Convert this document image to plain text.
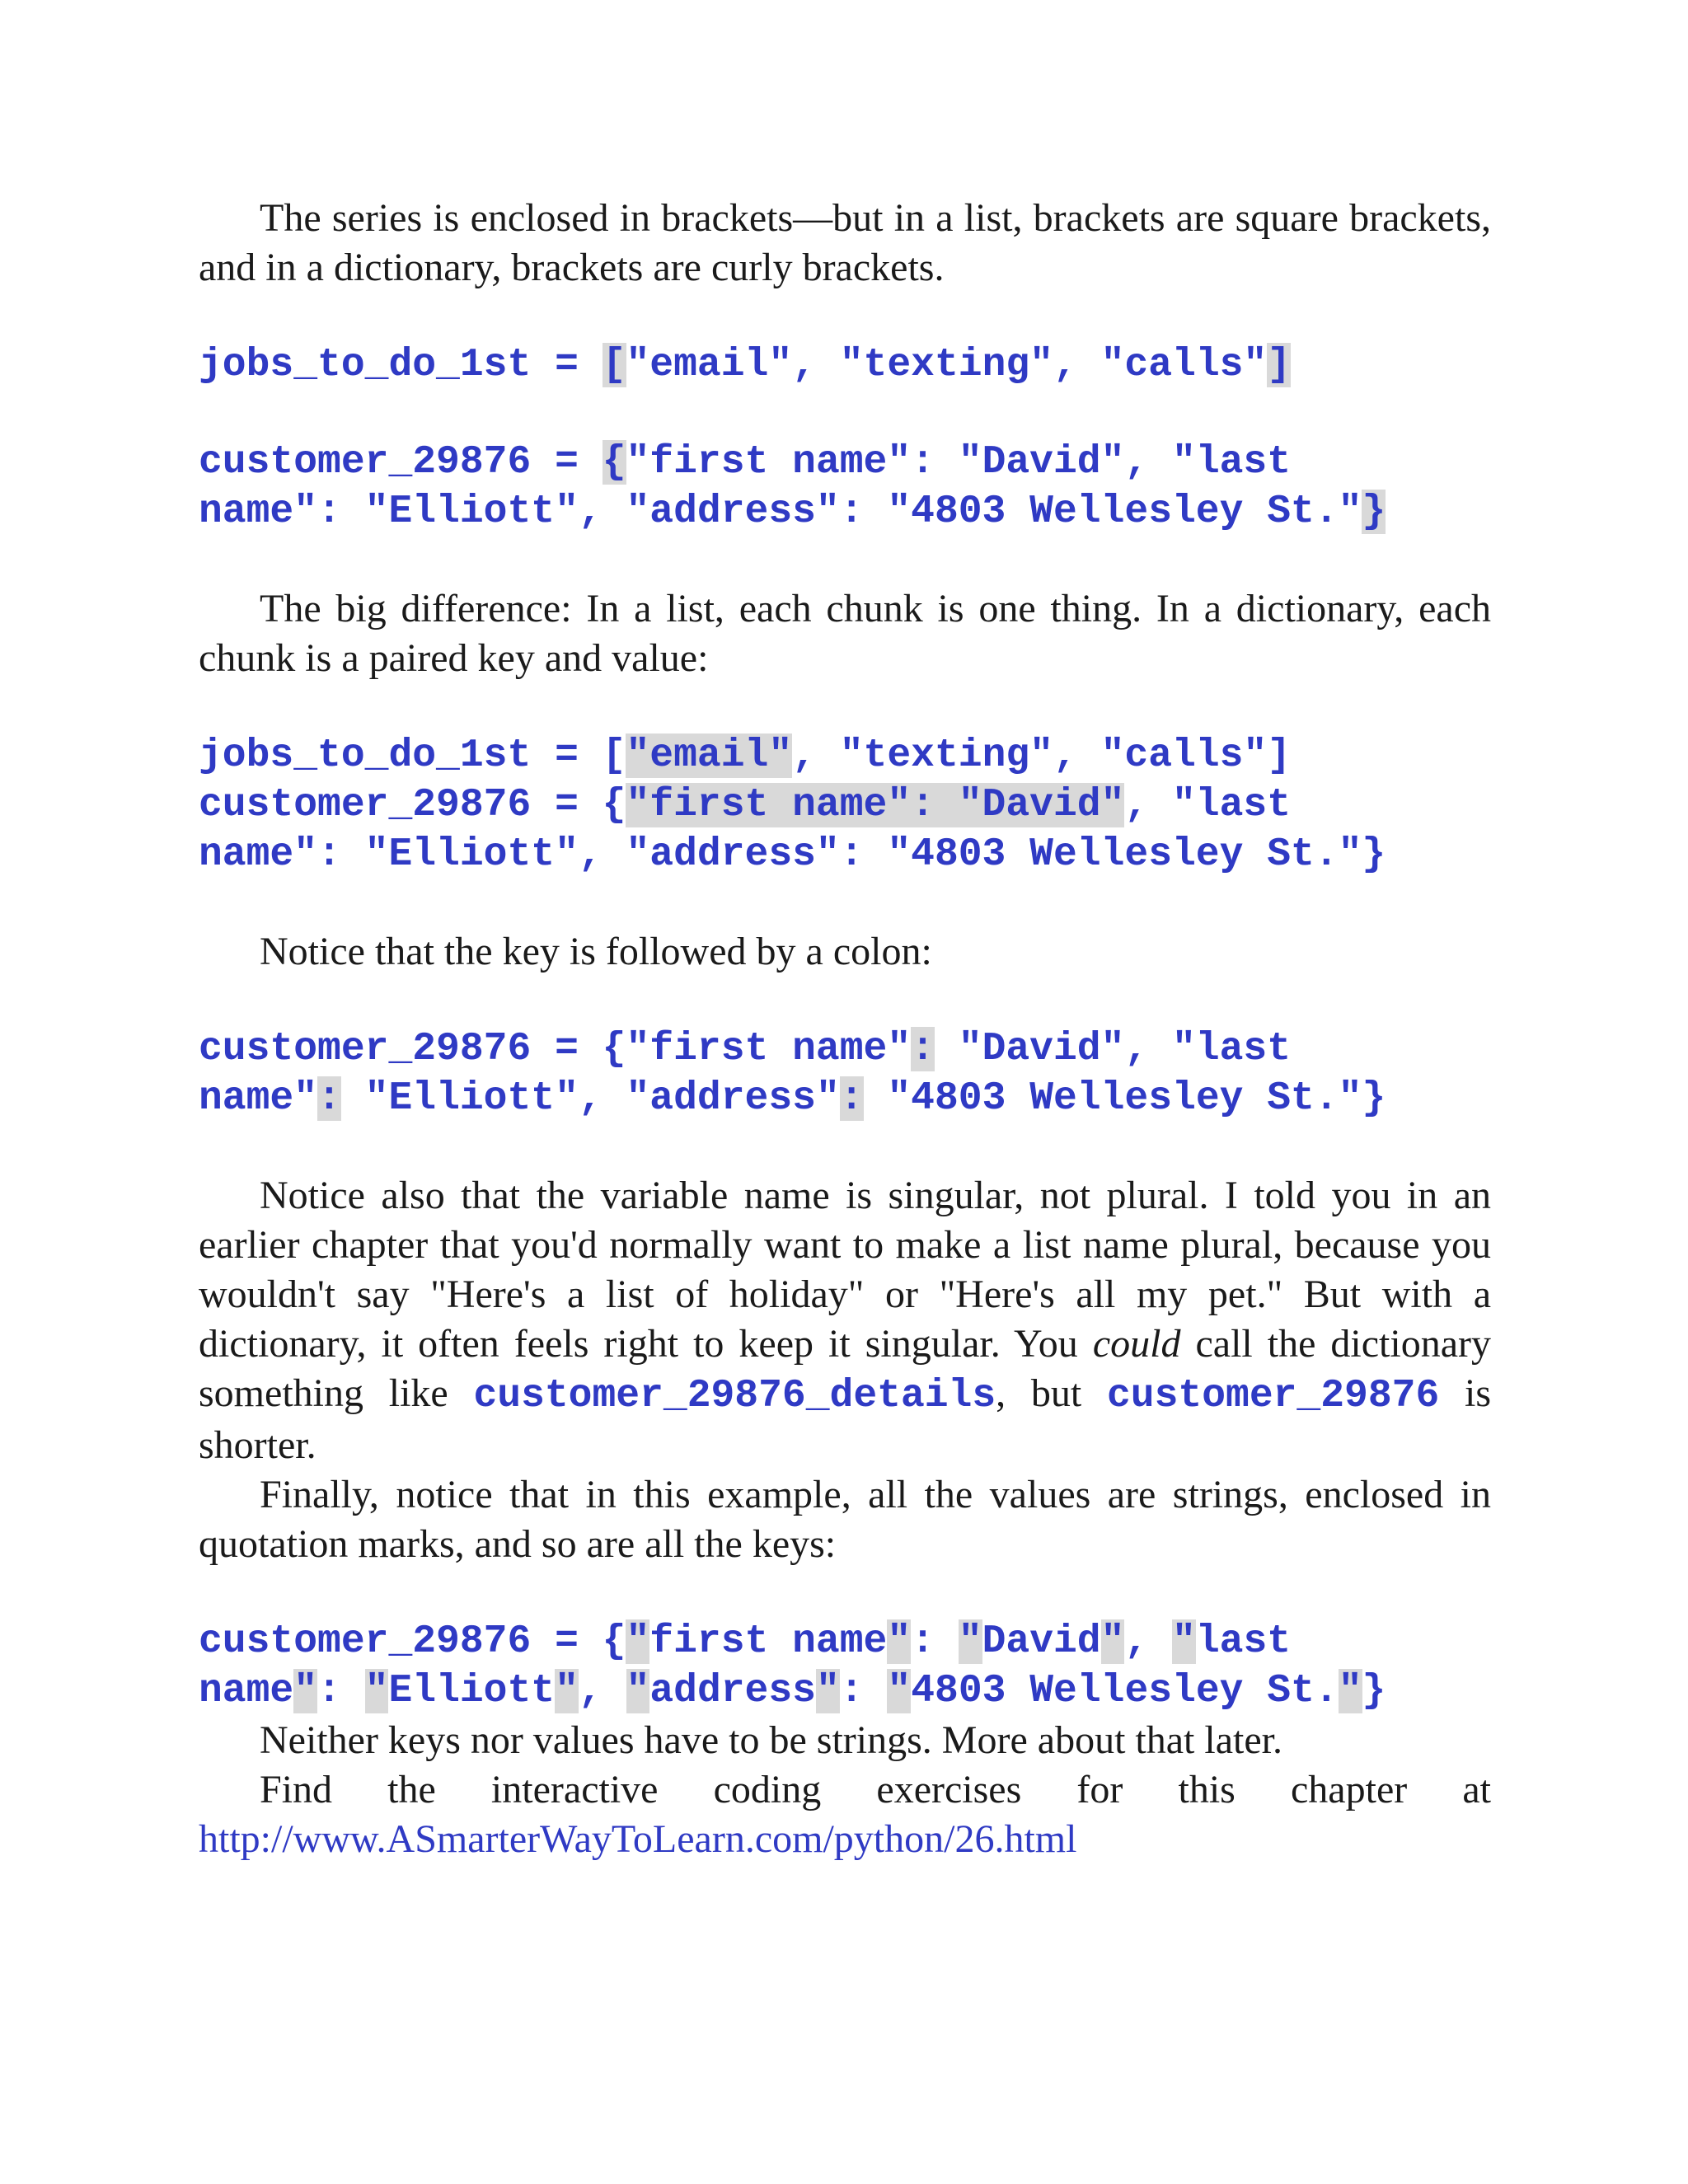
The series is enclosed in brackets—but in a list, brackets are square brackets, and in a dictionary, brackets are curly brackets.

jobs_to_do_1st = ["email", "texting", "calls"]
customer_29876 = {"first name": "David", "last
name": "Elliott", "address": "4803 Wellesley St."}

The big difference: In a list, each chunk is one thing. In a dictionary, each chunk is a paired key and value:

jobs_to_do_1st = ["email", "texting", "calls"]
customer_29876 = {"first name": "David", "last
name": "Elliott", "address": "4803 Wellesley St."}

Notice that the key is followed by a colon:

customer_29876 = {"first name": "David", "last
name": "Elliott", "address": "4803 Wellesley St."}

Notice also that the variable name is singular, not plural. I told you in an earlier chapter that you'd normally want to make a list name plural, because you wouldn't say "Here's a list of holiday" or "Here's all my pet." But with a dictionary, it often feels right to keep it singular. You could call the dictionary something like customer_29876_details, but customer_29876 is shorter.

Finally, notice that in this example, all the values are strings, enclosed in quotation marks, and so are all the keys:

customer_29876 = {"first name": "David", "last
name": "Elliott", "address": "4803 Wellesley St."}

Neither keys nor values have to be strings. More about that later.

Find the interactive coding exercises for this chapter at

http://www.ASmarterWayToLearn.com/python/26.html
